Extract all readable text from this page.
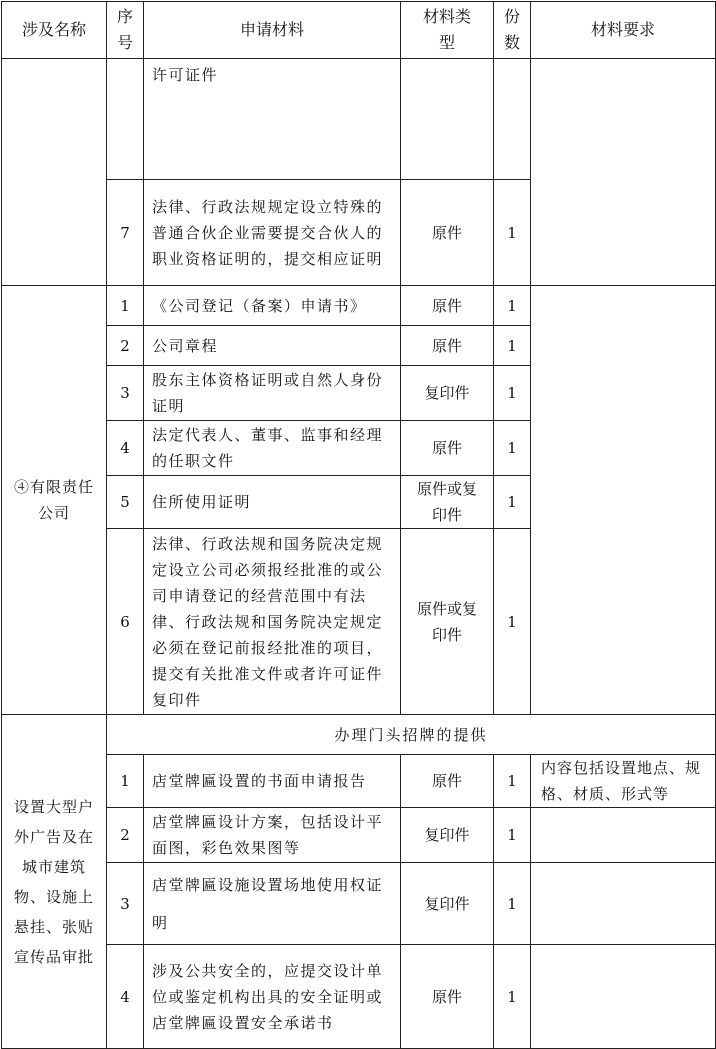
涉及名称	序号	申请材料	材料类型	份数	材料要求
		许可证件			
	7	法律、行政法规规定设立特殊的普通合伙企业需要提交合伙人的职业资格证明的，提交相应证明	原件	1	
④有限责任公司	1	《公司登记（备案）申请书》	原件	1	
	2	公司章程	原件	1	
	3	股东主体资格证明或自然人身份证明	复印件	1	
	4	法定代表人、董事、监事和经理的任职文件	原件	1	
	5	住所使用证明	原件或复印件	1	
	6	法律、行政法规和国务院决定规定设立公司必须报经批准的或公司申请登记的经营范围中有法律、行政法规和国务院决定规定必须在登记前报经批准的项目，提交有关批准文件或者许可证件复印件	原件或复印件	1	
设置大型户外广告及在城市建筑物、设施上悬挂、张贴宣传品审批	办理门头招牌的提供				
	1	店堂牌匾设置的书面申请报告	原件	1	内容包括设置地点、规格、材质、形式等
	2	店堂牌匾设计方案，包括设计平面图，彩色效果图等	复印件	1	
	3	店堂牌匾设施设置场地使用权证明	复印件	1	
	4	涉及公共安全的，应提交设计单位或鉴定机构出具的安全证明或店堂牌匾设置安全承诺书	原件	1	
